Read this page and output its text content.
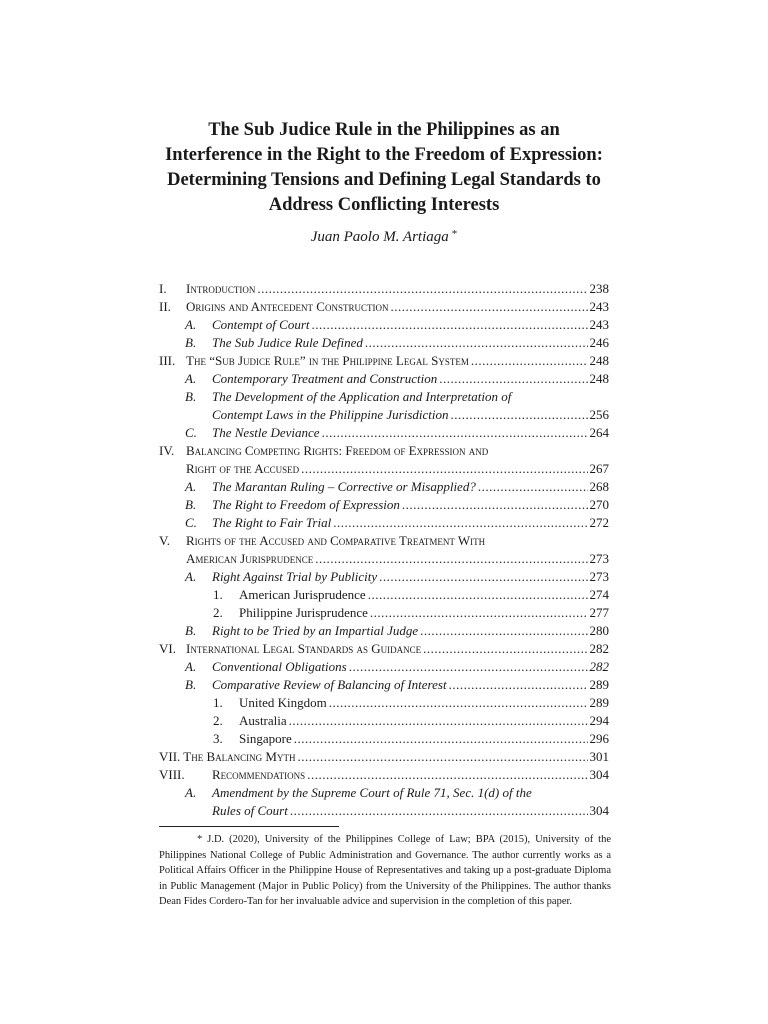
The Sub Judice Rule in the Philippines as an
Interference in the Right to the Freedom of Expression:
Determining Tensions and Defining Legal Standards to
Address Conflicting Interests
Juan Paolo M. Artiaga *
I. Introduction .....	238
II. Origins and Antecedent Construction .....	243
A. Contempt of Court .....	243
B. The Sub Judice Rule Defined .....	246
III. The “Sub Judice Rule” in the Philippine Legal System .....	248
A. Contemporary Treatment and Construction .....	248
B. The Development of the Application and Interpretation of
Contempt Laws in the Philippine Jurisdiction .....	256
C. The Nestle Deviance .....	264
IV. Balancing Competing Rights: Freedom of Expression and
Right of the Accused .....	267
A. The Marantan Ruling – Corrective or Misapplied? .....	268
B. The Right to Freedom of Expression .....	270
C. The Right to Fair Trial .....	272
V. Rights of the Accused and Comparative Treatment With
American Jurisprudence .....	273
A. Right Against Trial by Publicity .....	273
1. American Jurisprudence .....	274
2. Philippine Jurisprudence .....	277
B. Right to be Tried by an Impartial Judge .....	280
VI. International Legal Standards as Guidance .....	282
A. Conventional Obligations .....	282
B. Comparative Review of Balancing of Interest .....	289
1. United Kingdom .....	289
2. Australia .....	294
3. Singapore .....	296
VII. The Balancing Myth .....	301
VIII. Recommendations .....	304
A. Amendment by the Supreme Court of Rule 71, Sec. 1(d) of the
Rules of Court .....	304

* J.D. (2020), University of the Philippines College of Law; BPA (2015), University of the Philippines National College of Public Administration and Governance. The author currently works as a Political Affairs Officer in the Philippine House of Representatives and taking up a post-graduate Diploma in Public Management (Major in Public Policy) from the University of the Philippines. The author thanks Dean Fides Cordero-Tan for her invaluable advice and supervision in the completion of this paper.
